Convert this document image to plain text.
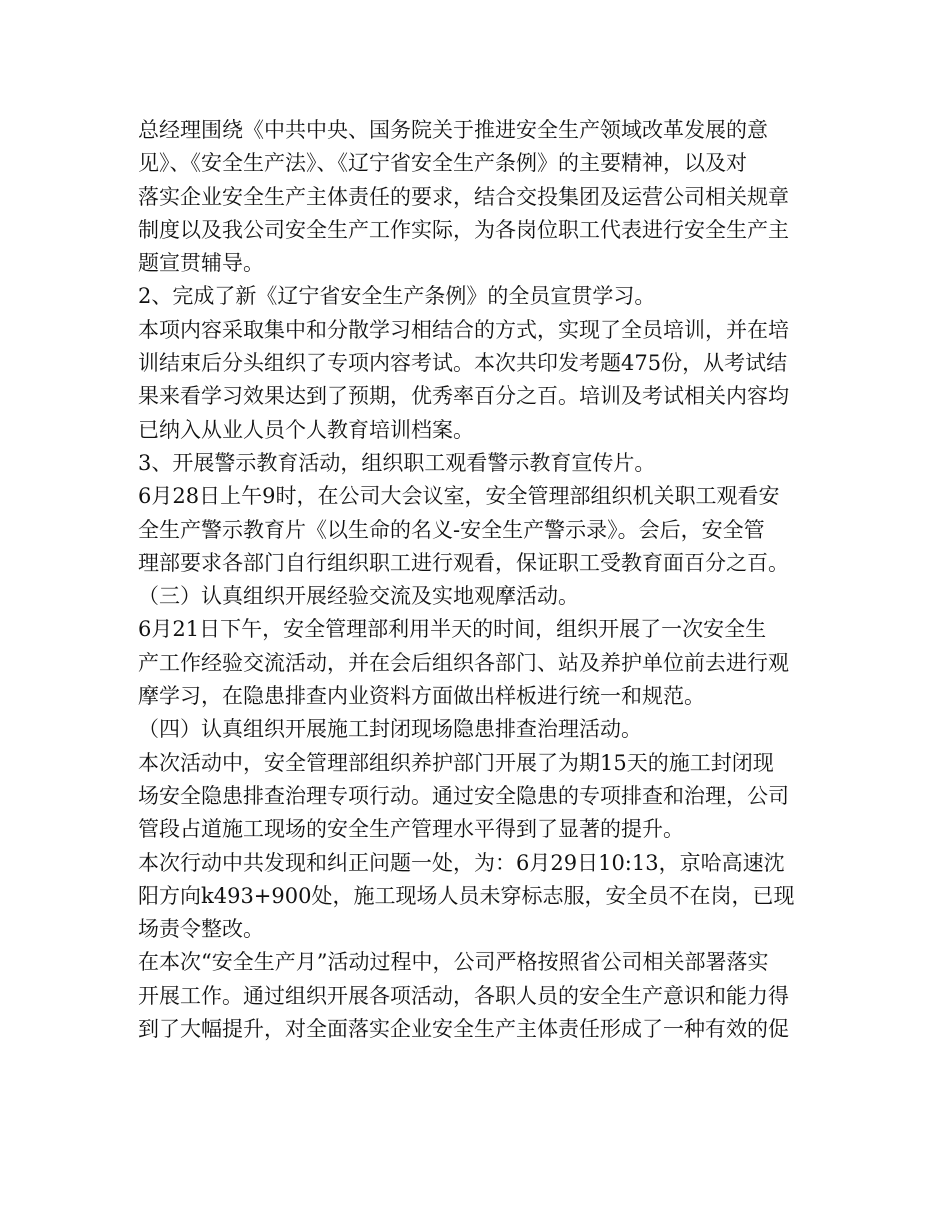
总经理围绕《中共中央、国务院关于推进安全生产领域改革发展的意
见》、《安全生产法》、《辽宁省安全生产条例》的主要精神，以及对
落实企业安全生产主体责任的要求，结合交投集团及运营公司相关规章
制度以及我公司安全生产工作实际，为各岗位职工代表进行安全生产主
题宣贯辅导。
2、完成了新《辽宁省安全生产条例》的全员宣贯学习。
本项内容采取集中和分散学习相结合的方式，实现了全员培训，并在培
训结束后分头组织了专项内容考试。本次共印发考题475份，从考试结
果来看学习效果达到了预期，优秀率百分之百。培训及考试相关内容均
已纳入从业人员个人教育培训档案。
3、开展警示教育活动，组织职工观看警示教育宣传片。
6月28日上午9时，在公司大会议室，安全管理部组织机关职工观看安
全生产警示教育片《以生命的名义-安全生产警示录》。会后，安全管
理部要求各部门自行组织职工进行观看，保证职工受教育面百分之百。
（三）认真组织开展经验交流及实地观摩活动。
6月21日下午，安全管理部利用半天的时间，组织开展了一次安全生
产工作经验交流活动，并在会后组织各部门、站及养护单位前去进行观
摩学习，在隐患排查内业资料方面做出样板进行统一和规范。
（四）认真组织开展施工封闭现场隐患排查治理活动。
本次活动中，安全管理部组织养护部门开展了为期15天的施工封闭现
场安全隐患排查治理专项行动。通过安全隐患的专项排查和治理，公司
管段占道施工现场的安全生产管理水平得到了显著的提升。
本次行动中共发现和纠正问题一处，为：6月29日10:13，京哈高速沈
阳方向k493+900处，施工现场人员未穿标志服，安全员不在岗，已现
场责令整改。
在本次“安全生产月”活动过程中，公司严格按照省公司相关部署落实
开展工作。通过组织开展各项活动，各职人员的安全生产意识和能力得
到了大幅提升，对全面落实企业安全生产主体责任形成了一种有效的促
